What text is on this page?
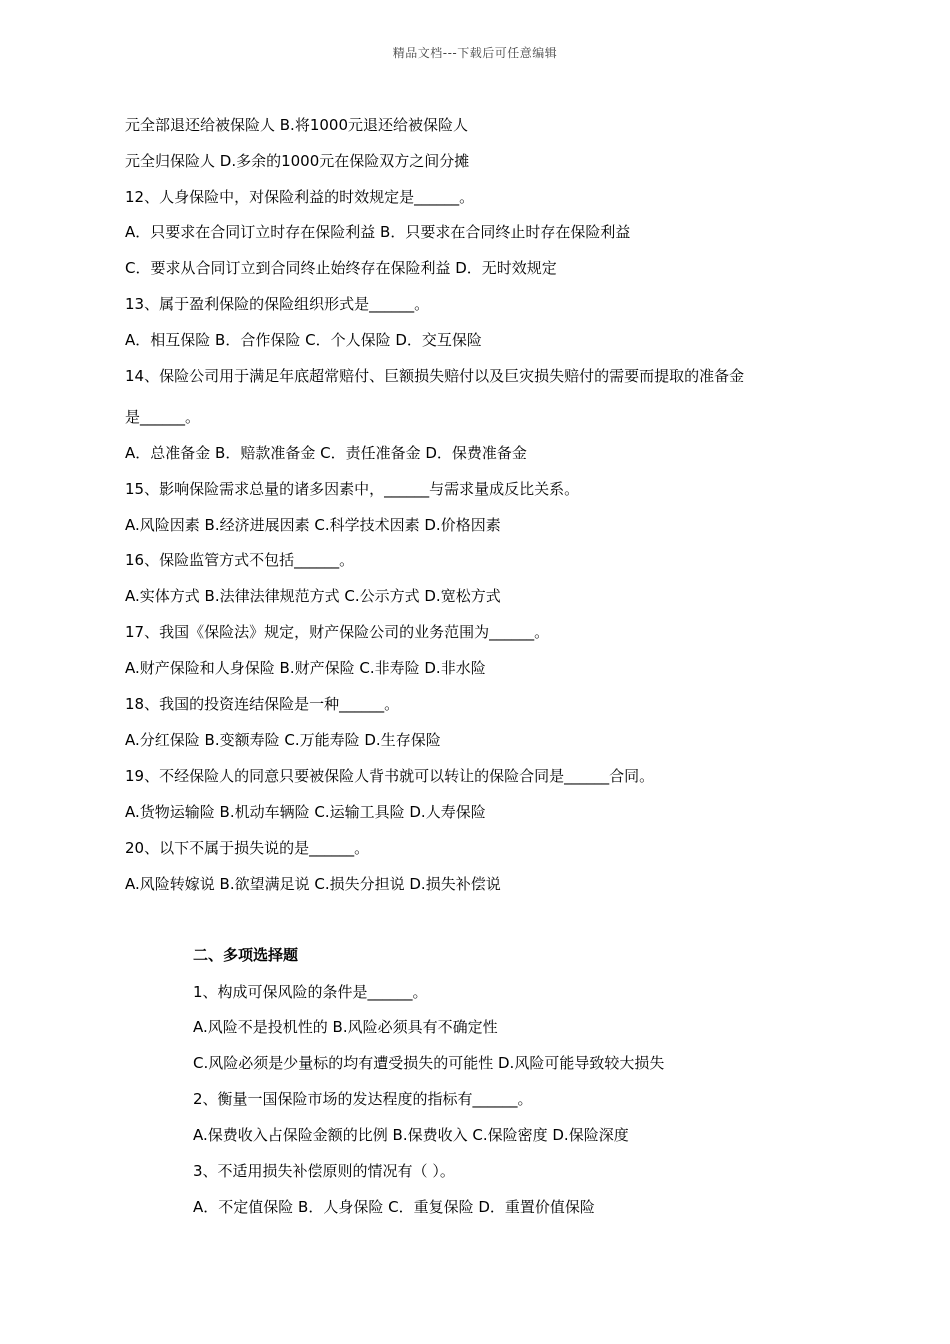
精品文档---下载后可任意编辑
元全部退还给被保险人 B.将1000元退还给被保险人
元全归保险人 D.多余的1000元在保险双方之间分摊
12、人身保险中，对保险利益的时效规定是______。
A．只要求在合同订立时存在保险利益 B．只要求在合同终止时存在保险利益
C．要求从合同订立到合同终止始终存在保险利益 D．无时效规定
13、属于盈利保险的保险组织形式是______。
A．相互保险 B．合作保险 C．个人保险 D．交互保险
14、保险公司用于满足年底超常赔付、巨额损失赔付以及巨灾损失赔付的需要而提取的准备金
是______。
A．总准备金 B．赔款准备金 C．责任准备金 D．保费准备金
15、影响保险需求总量的诸多因素中，______与需求量成反比关系。
A.风险因素 B.经济进展因素 C.科学技术因素 D.价格因素
16、保险监管方式不包括______。
A.实体方式 B.法律法律规范方式 C.公示方式 D.宽松方式
17、我国《保险法》规定，财产保险公司的业务范围为______。
A.财产保险和人身保险 B.财产保险 C.非寿险 D.非水险
18、我国的投资连结保险是一种______。
A.分红保险 B.变额寿险 C.万能寿险 D.生存保险
19、不经保险人的同意只要被保险人背书就可以转让的保险合同是______合同。
A.货物运输险 B.机动车辆险 C.运输工具险 D.人寿保险
20、以下不属于损失说的是______。
A.风险转嫁说 B.欲望满足说 C.损失分担说 D.损失补偿说
二、多项选择题
1、构成可保风险的条件是______。
A.风险不是投机性的 B.风险必须具有不确定性
C.风险必须是少量标的均有遭受损失的可能性 D.风险可能导致较大损失
2、衡量一国保险市场的发达程度的指标有______。
A.保费收入占保险金额的比例 B.保费收入 C.保险密度 D.保险深度
3、不适用损失补偿原则的情况有（ ）。
A．不定值保险 B．人身保险 C．重复保险 D．重置价值保险
